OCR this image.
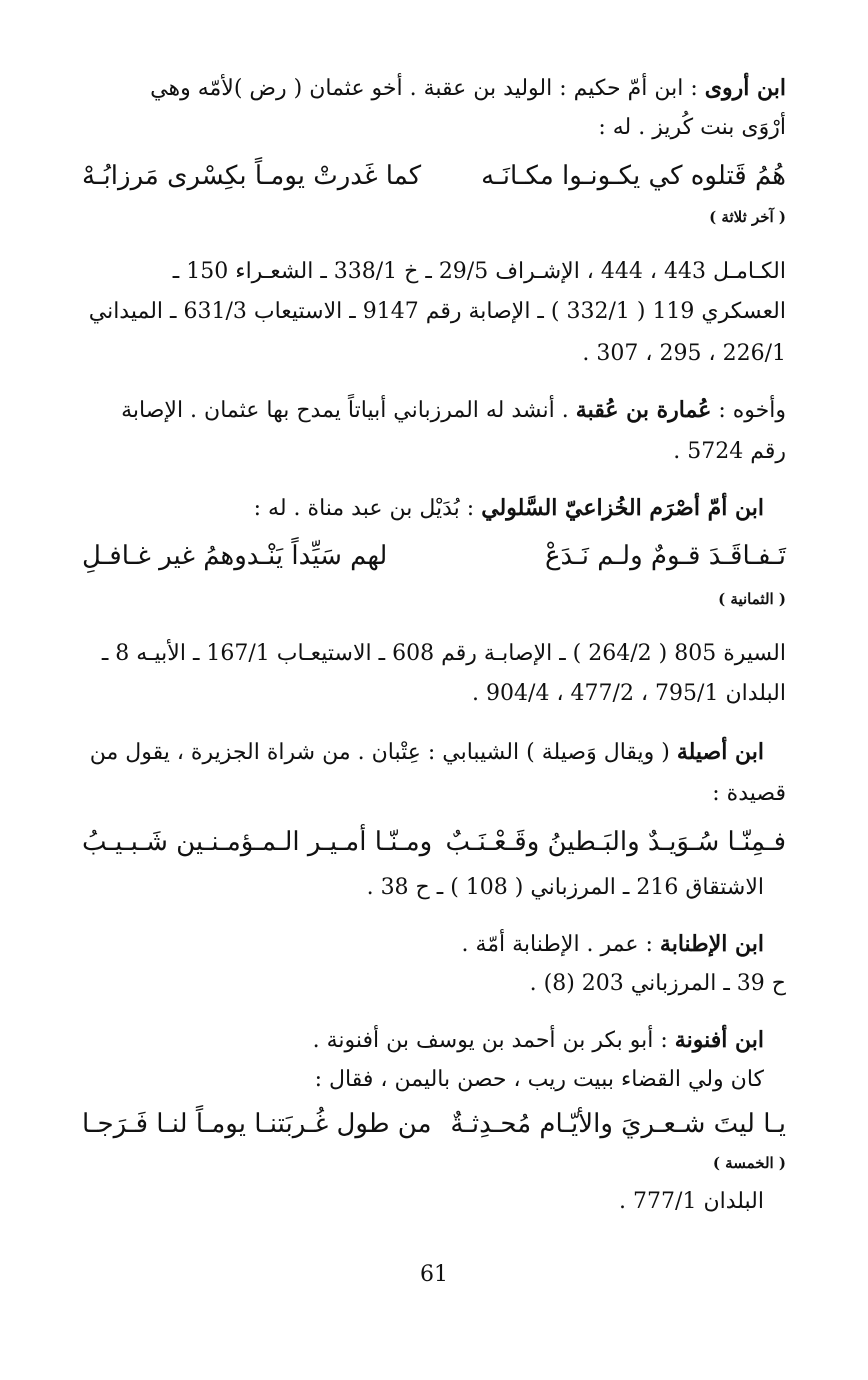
ابن أروى : ابن أمّ حكيم : الوليد بن عقبة . أخو عثمان ( رض )لأمّه وهي
أرْوَى بنت كُريز . له :
هُمُ قَتلوه كي يكـونـوا مكـانَـه
كما غَدرتْ يومـاً بكِسْرى مَرزابُـهْ
( آخر ثلاثة )
الكـامـل 443 ، 444 ، الإشـراف 29/5 ـ خ 338/1 ـ الشعـراء 150 ـ
العسكري 119 ( 332/1 ) ـ الإصابة رقم 9147 ـ الاستيعاب 631/3 ـ الميداني
226/1 ، 295 ، 307 .
وأخوه : عُمارة بن عُقبة . أنشد له المرزباني أبياتاً يمدح بها عثمان . الإصابة
رقم 5724 .
ابن أمّ أصْرَم الخُزاعيّ السَّلولي : بُدَيْل بن عبد مناة . له :
تَـفـاقَـدَ قـومٌ ولـم نَـدَعْ
لهم سَيِّداً يَنْـدوهمُ غير غـافـلِ
( الثمانية )
السيرة 805 ( 264/2 ) ـ الإصابـة رقم 608 ـ الاستيعـاب 167/1 ـ الأبيـه 8 ـ
البلدان 795/1 ، 477/2 ، 904/4 .
ابن أصيلة ( ويقال وَصيلة ) الشيبابي : عِتْبان . من شراة الجزيرة ، يقول من
قصيدة :
فـمِنّـا سُـوَيـدٌ والبَـطينُ وقَـعْـنَـبٌ
ومـنّـا أمـيـر الـمـؤمـنـين شَـبـيـبُ
الاشتقاق 216 ـ المرزباني ( 108 ) ـ ح 38 .
ابن الإطنابة : عمر . الإطنابة أمّة .
ح 39 ـ المرزباني 203 (8) .
ابن أفنونة : أبو بكر بن أحمد بن يوسف بن أفنونة .
كان ولي القضاء ببيت ريب ، حصن باليمن ، فقال :
يـا ليتَ شـعـريَ والأيّـام مُحـدِثـةٌ
من طول غُـربَتنـا يومـاً لنـا فَـرَجـا
( الخمسة )
البلدان 777/1 .
61
